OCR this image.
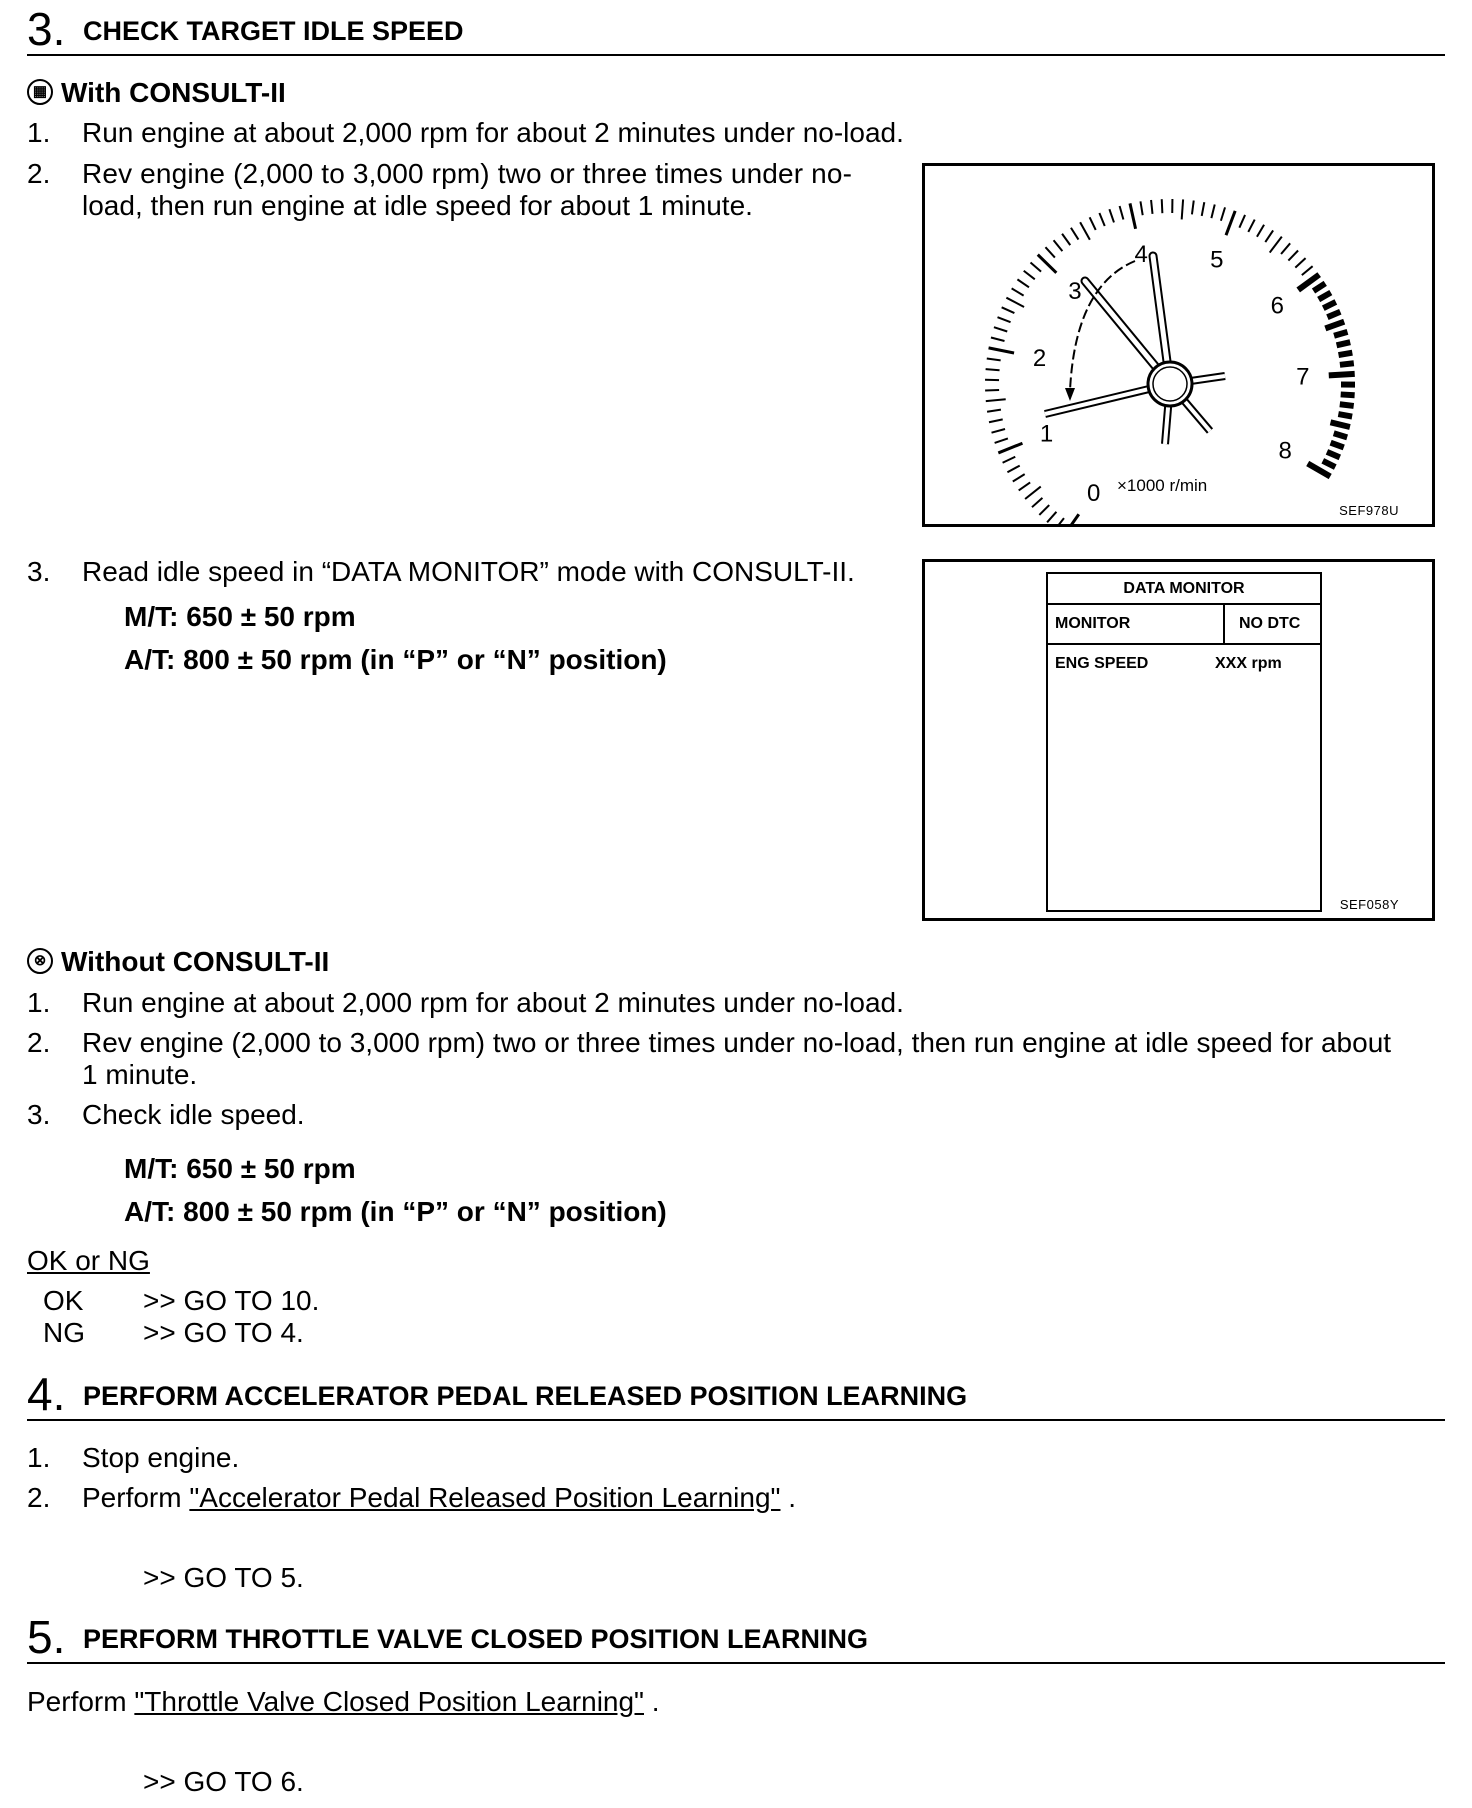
3. CHECK TARGET IDLE SPEED
▦ With CONSULT-II
1. Run engine at about 2,000 rpm for about 2 minutes under no-load.
2. Rev engine (2,000 to 3,000 rpm) two or three times under no-
load, then run engine at idle speed for about 1 minute.
0
1
2
3
4	5
6
7
8
×1000 r/min
SEF978U
3. Read idle speed in “DATA MONITOR” mode with CONSULT-II.
M/T: 650 ± 50 rpm
A/T: 800 ± 50 rpm (in “P” or “N” position)
DATA MONITOR
MONITOR	NO DTC
ENG SPEED	XXX rpm
SEF058Y
⊗ Without CONSULT-II
1. Run engine at about 2,000 rpm for about 2 minutes under no-load.
2. Rev engine (2,000 to 3,000 rpm) two or three times under no-load, then run engine at idle speed for about
1 minute.
3. Check idle speed.
M/T: 650 ± 50 rpm
A/T: 800 ± 50 rpm (in “P” or “N” position)
OK or NG
OK >> GO TO 10.
NG >> GO TO 4.
4. PERFORM ACCELERATOR PEDAL RELEASED POSITION LEARNING
1. Stop engine.
2. Perform "Accelerator Pedal Released Position Learning" .
>> GO TO 5.
5. PERFORM THROTTLE VALVE CLOSED POSITION LEARNING
Perform "Throttle Valve Closed Position Learning" .
>> GO TO 6.
